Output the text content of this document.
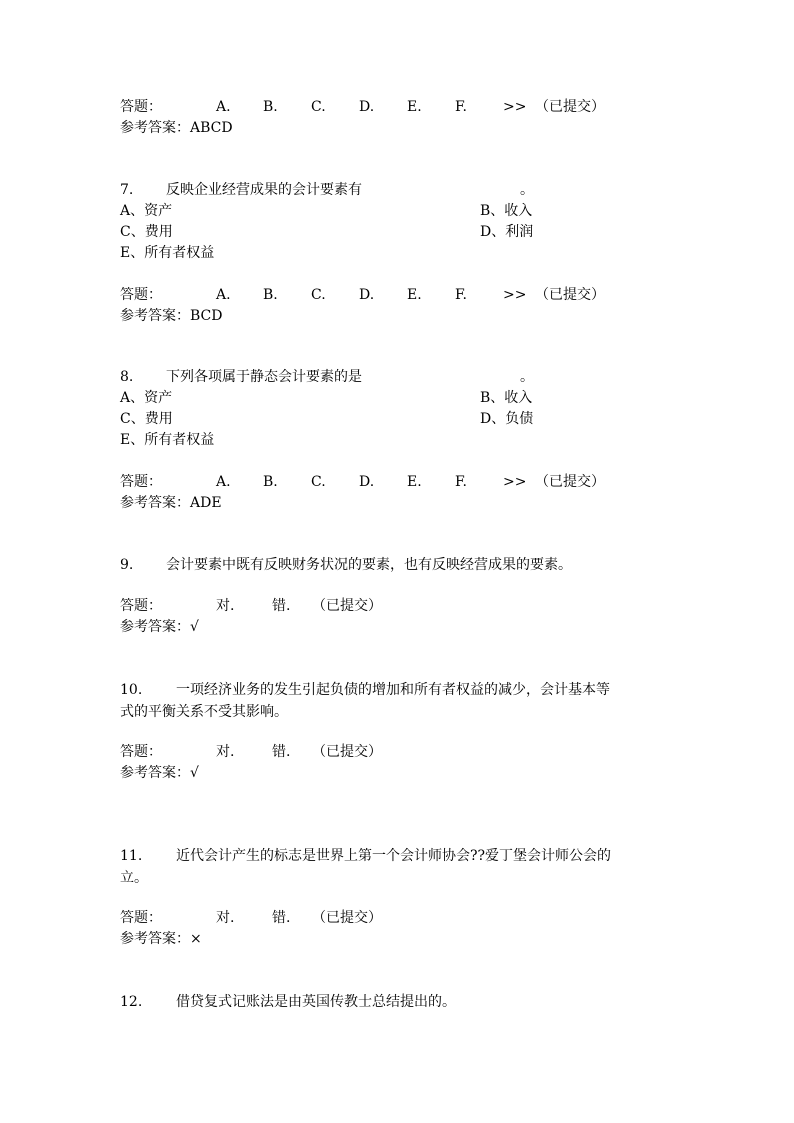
答题：	A. B. C. D. E. F.	>> （已提交）
参考答案：ABCD
7. 反映企业经营成果的会计要素有	。
A、资产	B、收入
C、费用	D、利润
E、所有者权益
答题：	A. B. C. D. E. F.	>> （已提交）
参考答案：BCD
8. 下列各项属于静态会计要素的是	。
A、资产	B、收入
C、费用	D、负债
E、所有者权益
答题：	A. B. C. D. E. F.	>> （已提交）
参考答案：ADE
9. 会计要素中既有反映财务状况的要素，也有反映经营成果的要素。
答题：	对.	错. （已提交）
参考答案：√
10. 一项经济业务的发生引起负债的增加和所有者权益的减少，会计基本等
式的平衡关系不受其影响。
答题：	对.	错. （已提交）
参考答案：√
11. 近代会计产生的标志是世界上第一个会计师协会??爱丁堡会计师公会的
立。
答题：	对.	错. （已提交）
参考答案：×
12. 借贷复式记账法是由英国传教士总结提出的。
